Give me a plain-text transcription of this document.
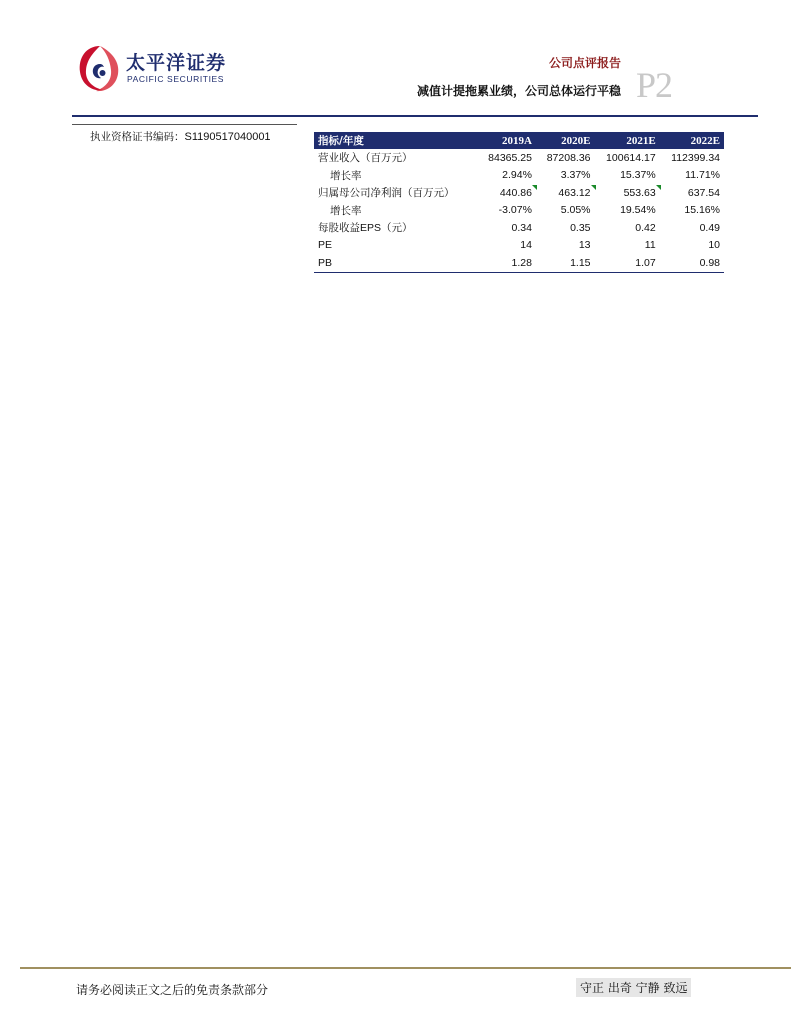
太平洋证券
PACIFIC SECURITIES
公司点评报告
减值计提拖累业绩，公司总体运行平稳 P2
执业资格证书编码：S1190517040001	指标/年度	2019A	2020E	2021E	2022E
营业收入（百万元）	84365.25	87208.36	100614.17	112399.34
增长率	2.94%	3.37%	15.37%	11.71%
归属母公司净利润（百万元）	440.86	463.12	553.63	637.54
增长率	-3.07%	5.05%	19.54%	15.16%
每股收益EPS（元）	0.34	0.35	0.42	0.49
PE	14	13	11	10
PB	1.28	1.15	1.07	0.98
请务必阅读正文之后的免责条款部分	守正 出奇 宁静 致远
